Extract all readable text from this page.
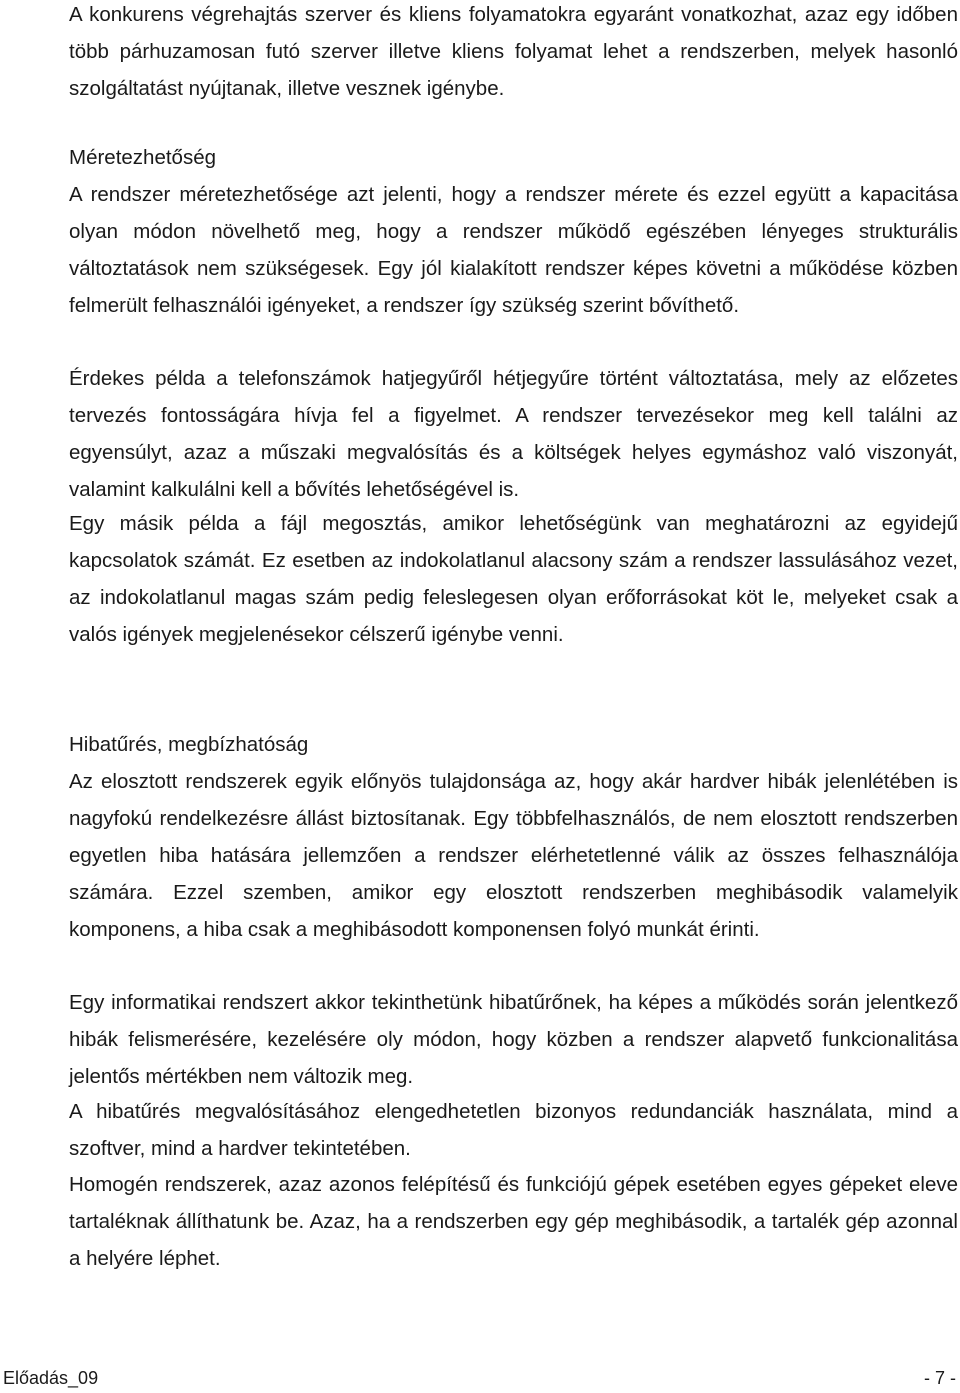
A konkurens végrehajtás szerver és kliens folyamatokra egyaránt vonatkozhat, azaz egy időben több párhuzamosan futó szerver illetve kliens folyamat lehet a rendszerben, melyek hasonló szolgáltatást nyújtanak, illetve vesznek igénybe.

Méretezhetőség

A rendszer méretezhetősége azt jelenti, hogy a rendszer mérete és ezzel együtt a kapacitása olyan módon növelhető meg, hogy a rendszer működő egészében lényeges strukturális változtatások nem szükségesek. Egy jól kialakított rendszer képes követni a működése közben felmerült felhasználói igényeket, a rendszer így szükség szerint bővíthető.

Érdekes példa a telefonszámok hatjegyűről hétjegyűre történt változtatása, mely az előzetes tervezés fontosságára hívja fel a figyelmet. A rendszer tervezésekor meg kell találni az egyensúlyt, azaz a műszaki megvalósítás és a költségek helyes egymáshoz való viszonyát, valamint kalkulálni kell a bővítés lehetőségével is.

Egy másik példa a fájl megosztás, amikor lehetőségünk van meghatározni az egyidejű kapcsolatok számát. Ez esetben az indokolatlanul alacsony szám a rendszer lassulásához vezet, az indokolatlanul magas szám pedig feleslegesen olyan erőforrásokat köt le, melyeket csak a valós igények megjelenésekor célszerű igénybe venni.

Hibatűrés, megbízhatóság

Az elosztott rendszerek egyik előnyös tulajdonsága az, hogy akár hardver hibák jelenlétében is nagyfokú rendelkezésre állást biztosítanak. Egy többfelhasználós, de nem elosztott rendszerben egyetlen hiba hatására jellemzően a rendszer elérhetetlenné válik az összes felhasználója számára. Ezzel szemben, amikor egy elosztott rendszerben meghibásodik valamelyik komponens, a hiba csak a meghibásodott komponensen folyó munkát érinti.

Egy informatikai rendszert akkor tekinthetünk hibatűrőnek, ha képes a működés során jelentkező hibák felismerésére, kezelésére oly módon, hogy közben a rendszer alapvető funkcionalitása jelentős mértékben nem változik meg.

A hibatűrés megvalósításához elengedhetetlen bizonyos redundanciák használata, mind a szoftver, mind a hardver tekintetében.

Homogén rendszerek, azaz azonos felépítésű és funkciójú gépek esetében egyes gépeket eleve tartaléknak állíthatunk be. Azaz, ha a rendszerben egy gép meghibásodik, a tartalék gép azonnal a helyére léphet.

Előadás_09	- 7 -
